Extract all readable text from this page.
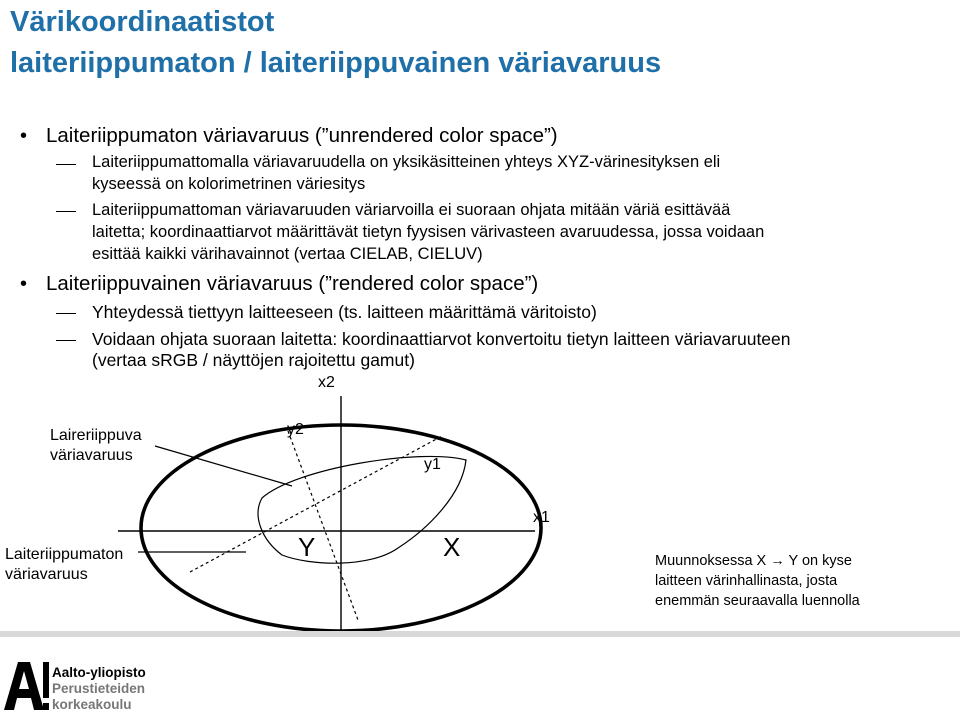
Värikoordinaatistot
laiteriippumaton / laiteriippuvainen väriavaruus
• Laiteriippumaton väriavaruus (”unrendered color space”)
Laiteriippumattomalla väriavaruudella on yksikäsitteinen yhteys XYZ-värinesityksen eli
kyseessä on kolorimetrinen väriesitys
Laiteriippumattoman väriavaruuden väriarvoilla ei suoraan ohjata mitään väriä esittävää
laitetta; koordinaattiarvot määrittävät tietyn fyysisen värivasteen avaruudessa, jossa voidaan
esittää kaikki värihavainnot (vertaa CIELAB, CIELUV)
• Laiteriippuvainen väriavaruus (”rendered color space”)
Yhteydessä tiettyyn laitteeseen (ts. laitteen määrittämä väritoisto)
Voidaan ohjata suoraan laitetta: koordinaattiarvot konvertoitu tietyn laitteen väriavaruuteen
(vertaa sRGB / näyttöjen rajoitettu gamut)
x2
x1
y2
y1
Laireriippuva
väriavaruus
Laiteriippumaton
väriavaruus
Y	X	Muunnoksessa X → Y on kyse
laitteen värinhallinasta, josta
enemmän seuraavalla luennolla
Aalto-yliopisto
Perustieteiden
korkeakoulu
